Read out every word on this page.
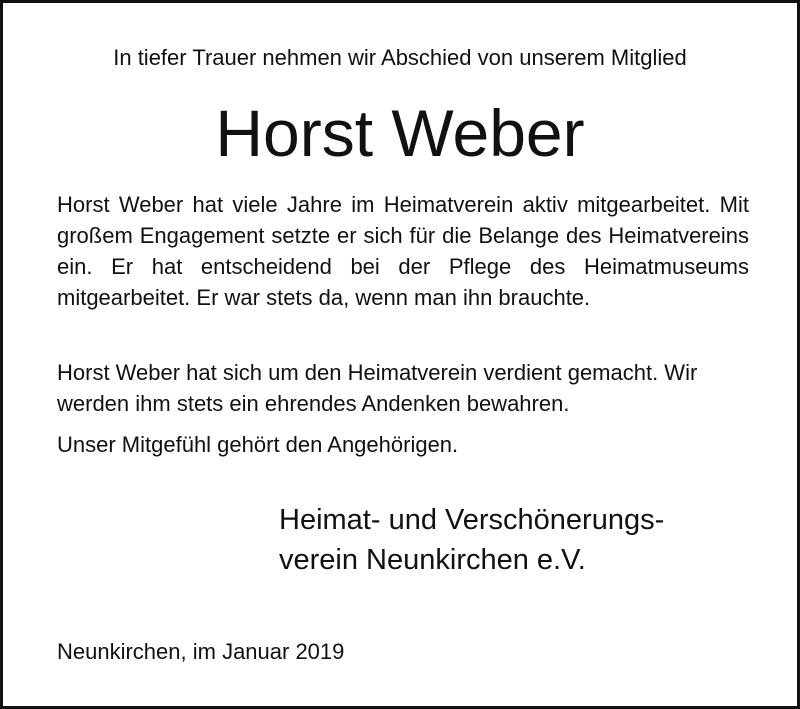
In tiefer Trauer nehmen wir Abschied von unserem Mitglied
Horst Weber

Horst Weber hat viele Jahre im Heimatverein aktiv mitgearbeitet. Mit großem Engagement setzte er sich für die Belange des Heimatvereins ein. Er hat entscheidend bei der Pflege des Heimatmuseums mitgearbeitet. Er war stets da, wenn man ihn brauchte.

Horst Weber hat sich um den Heimatverein verdient gemacht. Wir werden ihm stets ein ehrendes Andenken bewahren.

Unser Mitgefühl gehört den Angehörigen.

Heimat- und Verschönerungs-
verein Neunkirchen e.V.
Neunkirchen, im Januar 2019
